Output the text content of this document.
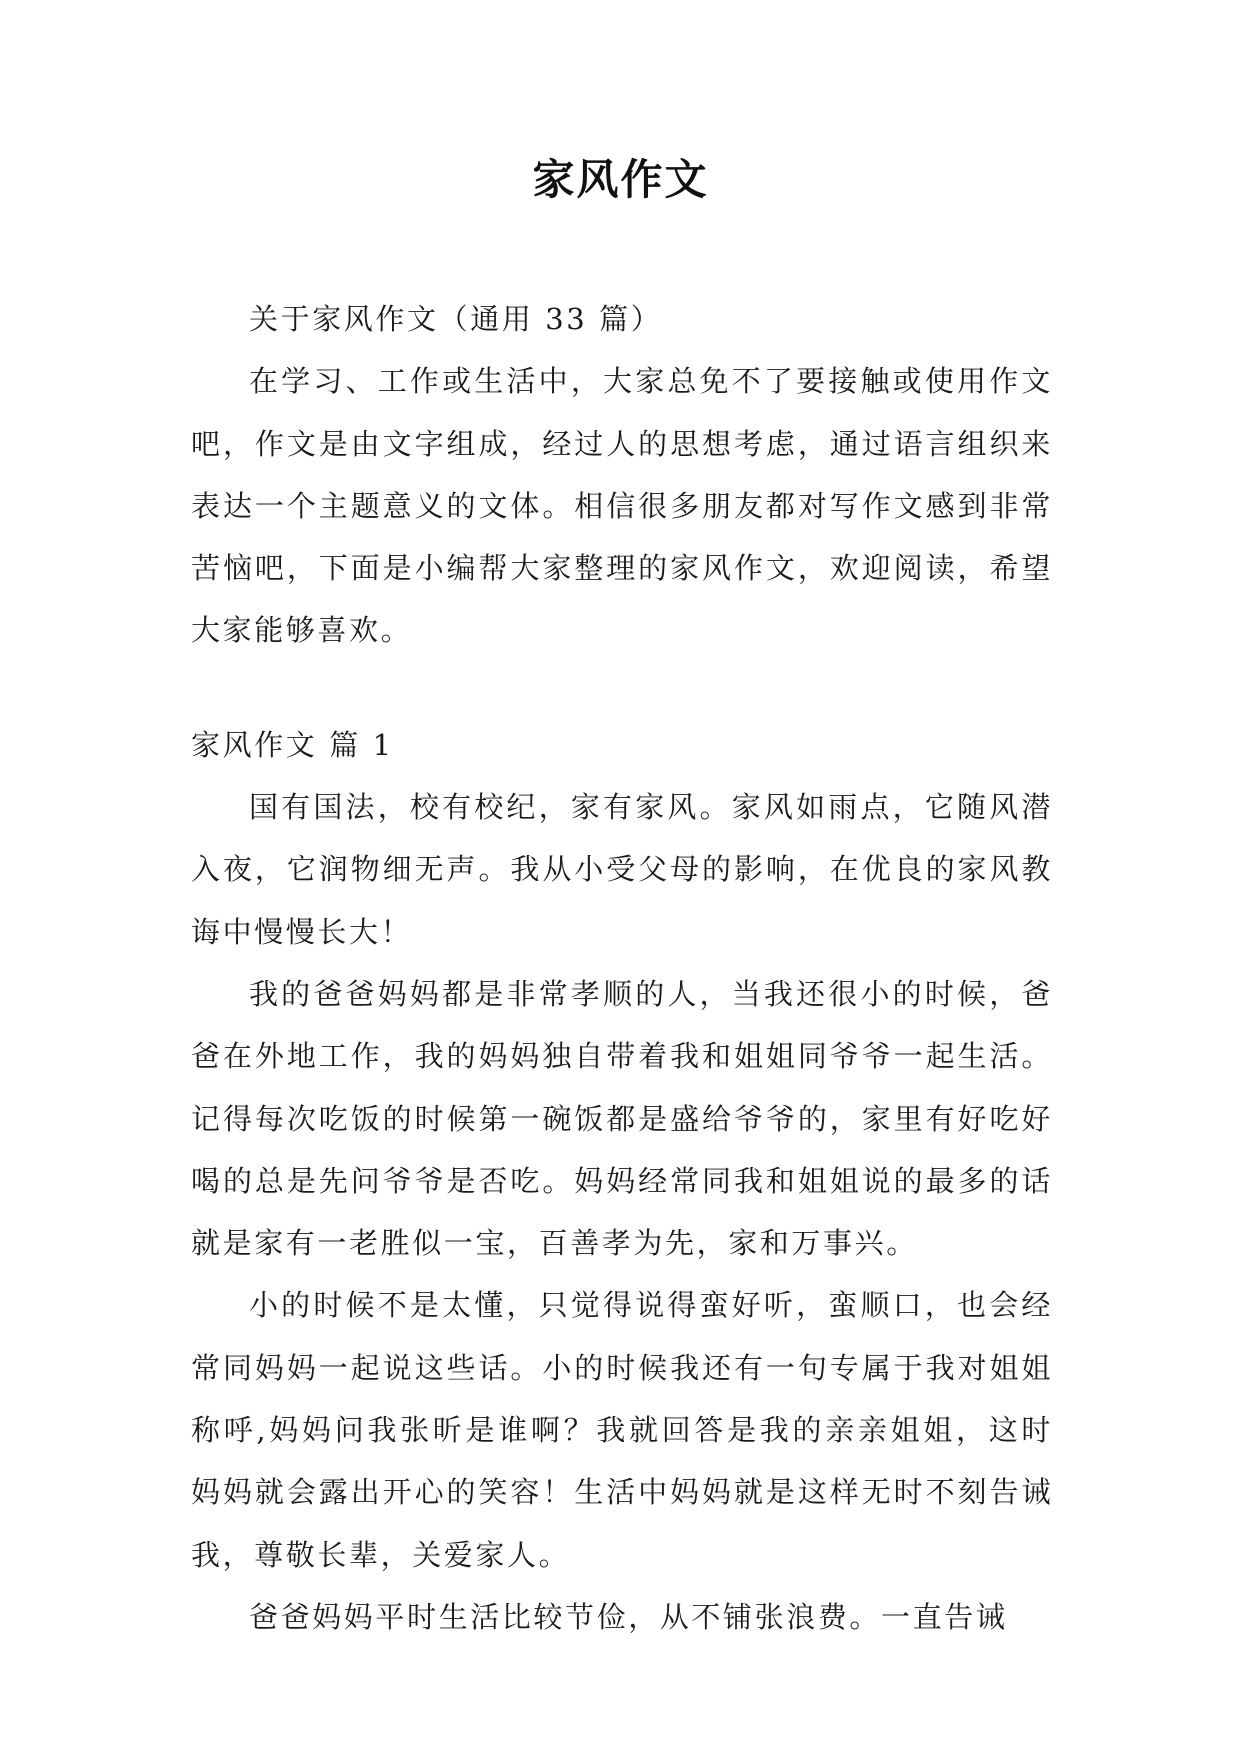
家风作文

关于家风作文（通用 33 篇）

在学习、工作或生活中，大家总免不了要接触或使用作文吧，作文是由文字组成，经过人的思想考虑，通过语言组织来表达一个主题意义的文体。相信很多朋友都对写作文感到非常苦恼吧，下面是小编帮大家整理的家风作文，欢迎阅读，希望大家能够喜欢。

家风作文 篇 1

国有国法，校有校纪，家有家风。家风如雨点，它随风潜入夜，它润物细无声。我从小受父母的影响，在优良的家风教诲中慢慢长大！

我的爸爸妈妈都是非常孝顺的人，当我还很小的时候，爸爸在外地工作，我的妈妈独自带着我和姐姐同爷爷一起生活。记得每次吃饭的时候第一碗饭都是盛给爷爷的，家里有好吃好喝的总是先问爷爷是否吃。妈妈经常同我和姐姐说的最多的话就是家有一老胜似一宝，百善孝为先，家和万事兴。

小的时候不是太懂，只觉得说得蛮好听，蛮顺口，也会经常同妈妈一起说这些话。小的时候我还有一句专属于我对姐姐称呼,妈妈问我张昕是谁啊？我就回答是我的亲亲姐姐，这时妈妈就会露出开心的笑容！生活中妈妈就是这样无时不刻告诫我，尊敬长辈，关爱家人。

爸爸妈妈平时生活比较节俭，从不铺张浪费。一直告诫
